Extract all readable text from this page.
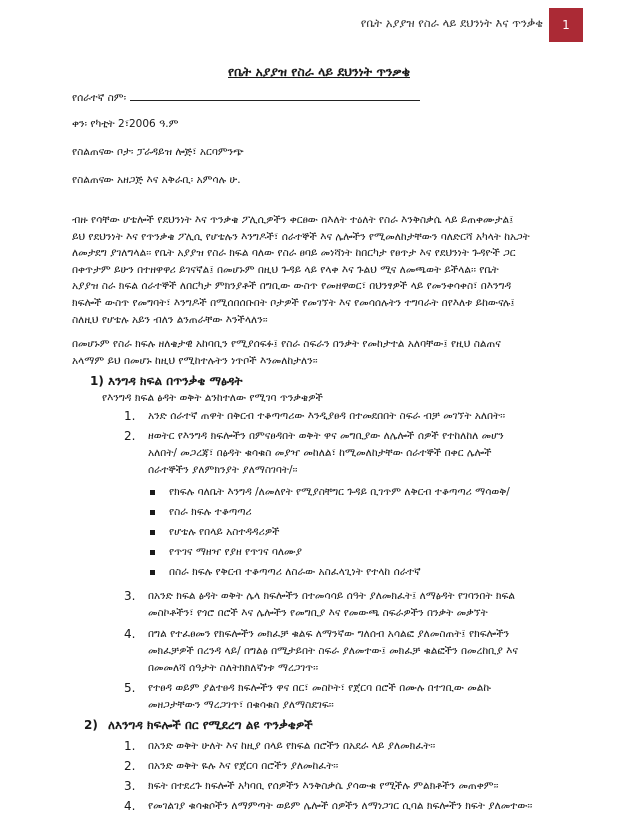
የቤት አያያዝ የስራ ላይ ደህንነት እና ጥንቃቄ	1
የቤት አያያዝ የስራ ላይ ደህንነት ጥንቃቄ
የሰራተኛ ስም፡
ቀን፡ የካቲት 2፣2006 ዓ.ም
የስልጠናው ቦታ፡ ፓራዳይዝ ሎጅ፣ አርባምንጭ
የስልጠናው አዘጋጅ እና አቅራቢ፡ አምሳሉ ሁ.
ብዙ የሳቸው ሆቴሎች የደህንነት እና ጥንቃቄ ፖሊሲዎችን ቀርፀው በእለት ተዕለት የስራ እንቅስቃሴ ላይ ይጠቀሙታል፤
ይህ የደህንነት እና የጥንቃቄ ፖሊሲ የሆቴሉን እንግዶች፣ ሰራተኞች እና ሌሎችን የሚመለከታቸውን ባለድርሻ አካላት ከአጋት
ለመታደግ ያገለግላል፡፡ የቤት አያያዝ የስራ ክፍል ባለው የስራ ፀባይ መነሻነት ከበርካታ የፀጥታ እና የደህንነት ጉዳዮች ጋር
በቀጥታም ይሁን በተዘዋዋሪ ይገናኛል፤ በመሆኑም በዚህ ጉዳይ ላይ የላቀ እና ጉልህ ሚና ለመጫወት ይችላል፡፡ የቤት
አያያዝ ስራ ክፍል ሰራተኞች ለበርካታ ምክንያቶች በግቢው ውስጥ የመዘዋወር፣ በህንፃዎች ላይ የመንቀሳቀስ፣ በእንግዳ
ክፍሎች ውስጥ የመግባት፣ እንግዶች በሚሰበሰቡበት ቦታዎች የመገኘት እና የመሳሰሉትን ተግባራት በየእለቱ ይከውናሉ፤
ስለዚህ የሆቴሉ አይን ብለን ልንጠራቸው እንችላለን፡፡
በመሆኑም የስራ ክፍሉ ዘለቄታዊ አከባቢን የሚያሰፍፉ፤ የስራ ስፍራን በንቃት የመከታተል አለባቸው፤ የዚህ ስልጠና
አላማም ይህ በመሆኑ ከዚህ የሚከተሉትን ነጥቦች እንመለከታለን፡፡
1) እንግዳ ክፍል በጥንቃቄ ማፅዳት
የእንግዳ ክፍል ፅዳት ወቅት ልንከተለው የሚገባ ጥንቃቄዎች
1.	አንድ ሰራተኛ ጠዋት በቅርብ ተቆጣጣሪው እንዲያፀዳ በተመደበበት ስፍራ ብቻ መገኘት አለበት፡፡
2.	ዘወትር የእንግዳ ክፍሎችን በምናፀዳበት ወቅት ዋና መግቢያው ለሌሎች ሰዎች የተከለከለ መሆን
አለበት/ መጋረጃ፣ በፅዳት ቁሳቁስ መያዣ መከለል፣ ከሚመለከታቸው ሰራተኞች በቀር ሌሎች
ሰራተኞችን ያለምክንያት ያለማስገባት/፡፡
የክፍሉ ባለቤት እንግዳ /ለመለየት የሚያስቸግር ጉዳይ ቢገጥም ለቅርብ ተቆጣጣሪ ማሳወቅ/
የስራ ክፍሉ ተቆጣጣሪ
የሆቴሉ የበላይ አስተዳዳሪዎች
የጥገና ማዘዣ የያዘ የጥገና ባለሙያ
በስራ ክፍሉ የቅርብ ተቆጣጣሪ ለስራው አስፈላጊነት የተላከ ሰራተኛ
3.	በአንድ ክፍል ፅዳት ወቅት ሌላ ክፍሎችን በተመሳሳይ ሰዓት ያለመክፈት፤ ለማፅዳት የገባንበት ክፍል
መስኮቶችን፣ የጎሮ በሮች እና ሌሎችን የመግቢያ እና የመውጫ ስፍራዎችን በንቃት መቃኘት
4.	በግል የተፈፀመን የክፍሎችን መክፈቻ ቁልፍ ለማንኛው ግለሰብ አሳልፎ ያለመስጠት፤ የክፍሎችን
መክፈቻዎች በረንዳ ላይ/ በግልፅ በሚታይበት ስፍራ ያለመተው፤ መክፈቻ ቁልፎችን በመረከቢያ እና
በመመለሻ ሰዓታት ስለትክክለኛነቱ ማረጋገጥ፡፡
5.	የተፀዳ ወይም ያልተፀዳ ክፍሎችን ዋና በር፣ መስኮት፣ የጀርባ በሮች በሙሉ በተገቢው መልኩ
መዘጋታቸውን ማረጋገጥ፣ በቁሳቁስ ያለማስደገፍ፡፡
2) ለእንግዳ ክፍሎች በር የሚደረግ ልዩ ጥንቃቄዎች
1.	በአንድ ወቅት ሁለት እና ከዚያ በላይ የክፍል በሮችን በአደራ ላይ ያለመክፈት፡፡
2.	በአንድ ወቅት ዬሉ እና የጀርባ በሮችን ያለመከፈት፡፡
3.	ክፍት በተደረጉ ክፍሎች አካባቢ የሰዎችን እንቅስቃሴ ያሳውቁ የሚችሉ ምልክቶችን መጠቀም፡፡
4.	የመገልገያ ቁሳቁሶችን ለማምጣት ወይም ሌሎች ሰዎችን ለማነጋገር ሲባል ክፍሎችን ክፍት ያለመተው፡፡
